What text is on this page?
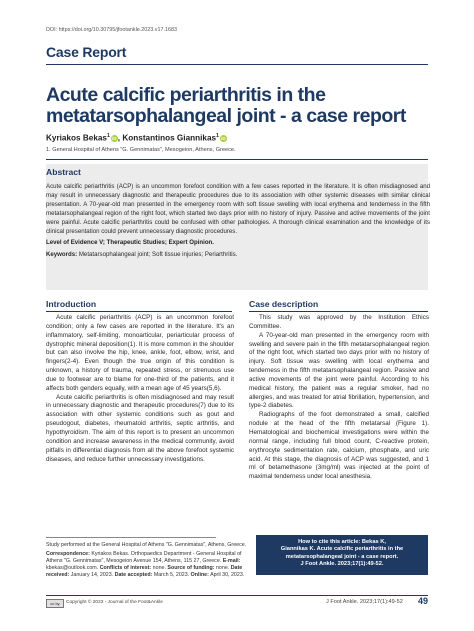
DOI: https://doi.org/10.30795/jfootankle.2023.v17.1683
Case Report
Acute calcific periarthritis in the
metatarsophalangeal joint - a case report
Kyriakos Bekas$^1$ iD, Konstantinos Giannikas$^1$ iD
1. General Hospital of Athens "G. Gennimatas", Mesogeion, Athens, Greece.
Abstract
Acute calcific periarthritis (ACP) is an uncommon forefoot condition with a few cases reported in the literature. It is often misdiagnosed and may result in unnecessary diagnostic and therapeutic procedures due to its association with other systemic diseases with similar clinical presentation. A 70-year-old man presented in the emergency room with soft tissue swelling with local erythema and tenderness in the fifth metatarsophalangeal region of the right foot, which started two days prior with no history of injury. Passive and active movements of the joint were painful. Acute calcific periarthritis could be confused with other pathologies. A thorough clinical examination and the knowledge of its clinical presentation could prevent unnecessary diagnostic procedures.
Level of Evidence V; Therapeutic Studies; Expert Opinion.
Keywords: Metatarsophalangeal joint; Soft tissue injuries; Periarthritis.
Introduction

Acute calcific periarthritis (ACP) is an uncommon forefoot condition; only a few cases are reported in the literature. It's an inflammatory, self-limiting, monoarticular, periarticular process of dystrophic mineral deposition(1). It is more common in the shoulder but can also involve the hip, knee, ankle, foot, elbow, wrist, and fingers(2-4). Even though the true origin of this condition is unknown, a history of trauma, repeated stress, or strenuous use due to footwear are to blame for one-third of the patients, and it affects both genders equally, with a mean age of 45 years(5,6).

Acute calcific periarthritis is often misdiagnosed and may result in unnecessary diagnostic and therapeutic procedures(7) due to its association with other systemic conditions such as gout and pseudogout, diabetes, rheumatoid arthritis, septic arthritis, and hypothyroidism. The aim of this report is to present an uncommon condition and increase awareness in the medical community, avoid pitfalls in differential diagnosis from all the above forefoot systemic diseases, and reduce further unnecessary investigations.

Case description

This study was approved by the Institution Ethics Committee.

A 70-year-old man presented in the emergency room with swelling and severe pain in the fifth metatarsophalangeal region of the right foot, which started two days prior with no history of injury. Soft tissue was swelling with local erythema and tenderness in the fifth metatarsophalangeal region. Passive and active movements of the joint were painful. According to his medical history, the patient was a regular smoker, had no allergies, and was treated for atrial fibrillation, hypertension, and type-2 diabetes.

Radiographs of the foot demonstrated a small, calcified nodule at the head of the fifth metatarsal (Figure 1). Hematological and biochemical investigations were within the normal range, including full blood count, C-reactive protein, erythrocyte sedimentation rate, calcium, phosphate, and uric acid. At this stage, the diagnosis of ACP was suggested, and 1 ml of betamethasone (3mg/ml) was injected at the point of maximal tenderness under local anesthesia.

Study performed at the General Hospital of Athens "G. Gennimatas", Athens, Greece.
Correspondence: Kyriakos Bekas. Orthopaedics Department - General Hospital of Athens "G. Gennimatas", Mesogeion Avenue 154, Athens, 115 27, Greece. E-mail: kbekas@outlook.com. Conflicts of interest: none. Source of funding: none. Date received: January 14, 2023. Date accepted: March 5, 2023. Online: April 30, 2023.
How to cite this article: Bekas K,
Giannikas K. Acute calcific periarthritis in the
metatarsophalangeal joint - a case report.
J Foot Ankle. 2023;17(1):49-52.
cc by	Copyright © 2023 - Journal of the Foot&Ankle	J Foot Ankle. 2023;17(1):49-52 49
